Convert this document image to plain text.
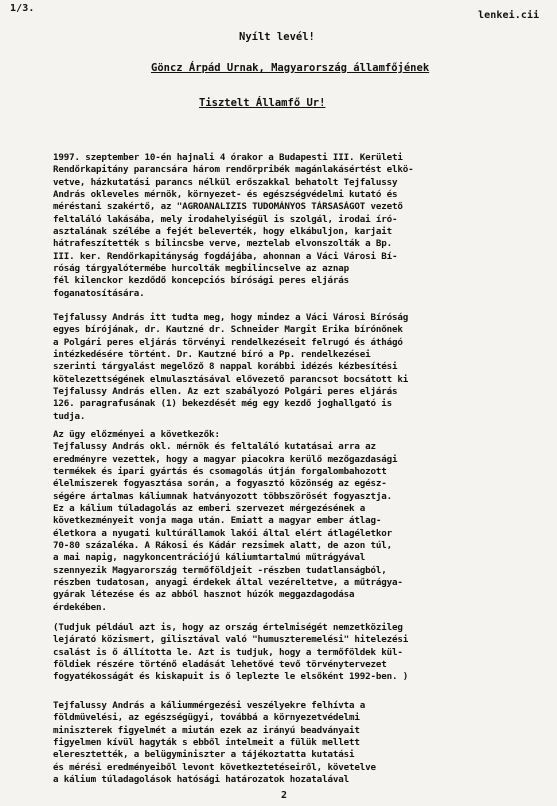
1/3.
lenkei.cii
Nyílt levél!
Göncz Árpád Urnak, Magyarország államfőjének
Tisztelt Államfő Ur!
1997. szeptember 10-én hajnali 4 órakor a Budapesti III. Kerületi
Rendőrkapitány parancsára három rendőrpribék magánlakásértést elkö-
vetve, házkutatási parancs nélkül erőszakkal behatolt Tejfalussy
András okleveles mérnök, környezet- és egészségvédelmi kutató és
méréstani szakértő, az "AGROANALIZIS TUDOMÁNYOS TÁRSASÁGOT vezető
feltaláló lakásába, mely irodahelyiségül is szolgál, irodai író-
asztalának szélébe a fejét beleverték, hogy elkábuljon, karjait
hátrafeszítették s bilincsbe verve, meztelab elvonszolták a Bp.
III. ker. Rendőrkapitányság fogdájába, ahonnan a Váci Városi Bí-
róság tárgyalótermébe hurcolták megbilincselve az aznap
fél kilenckor kezdődő koncepciós bírósági peres eljárás
foganatosítására.
Tejfalussy András itt tudta meg, hogy mindez a Váci Városi Bíróság
egyes bírójának, dr. Kautzné dr. Schneider Margit Erika bírónőnek
a Polgári peres eljárás törvényi rendelkezéseit felrugó és áthágó
intézkedésére történt. Dr. Kautzné bíró a Pp. rendelkezései
szerinti tárgyalást megelőző 8 nappal korábbi idézés kézbesítési
kötelezettségének elmulasztásával elővezető parancsot bocsátott ki
Tejfalussy András ellen. Az ezt szabályozó Polgári peres eljárás
126. paragrafusának (1) bekezdését még egy kezdő joghallgató is
tudja.
Az ügy előzményei a következők:
Tejfalussy András okl. mérnök és feltaláló kutatásai arra az
eredményre vezettek, hogy a magyar piacokra kerülő mezőgazdasági
termékek és ipari gyártás és csomagolás útján forgalombahozott
élelmiszerek fogyasztása során, a fogyasztó közönség az egész-
ségére ártalmas káliumnak hatványozott többszörösét fogyasztja.
Ez a kálium túladagolás az emberi szervezet mérgezésének a
következményeit vonja maga után. Emiatt a magyar ember átlag-
életkora a nyugati kultúrállamok lakói által elért átlagéletkor
70-80 százaléka. A Rákosi és Kádár rezsimek alatt, de azon túl,
a mai napig, nagykoncentrációjú káliumtartalmú műtrágyával
szennyezik Magyarország termőföldjeit -részben tudatlanságból,
részben tudatosan, anyagi érdekek által vezéreltetve, a műtrágya-
gyárak létezése és az abból hasznot húzók meggazdagodása
érdekében.
(Tudjuk például azt is, hogy az ország értelmiségét nemzetközileg
lejárató közismert, gilisztával való "humuszteremelési" hitelezési
csalást is ő állította le. Azt is tudjuk, hogy a termőföldek kül-
földiek részére történő eladását lehetővé tevő törvénytervezet
fogyatékosságát és kiskapuit is ő leplezte le elsőként 1992-ben. )
Tejfalussy András a káliummérgezési veszélyekre felhívta a
földmüvelési, az egészségügyi, továbbá a környezetvédelmi
miniszterek figyelmét a miután ezek az irányú beadványait
figyelmen kívül hagyták s ebből intelmeit a fülük mellett
eleresztették, a belügyminiszter a tájékoztatta kutatási
és mérési eredményeiből levont következtetéseiről, követelve
a kálium túladagolások hatósági határozatok hozatalával
2
